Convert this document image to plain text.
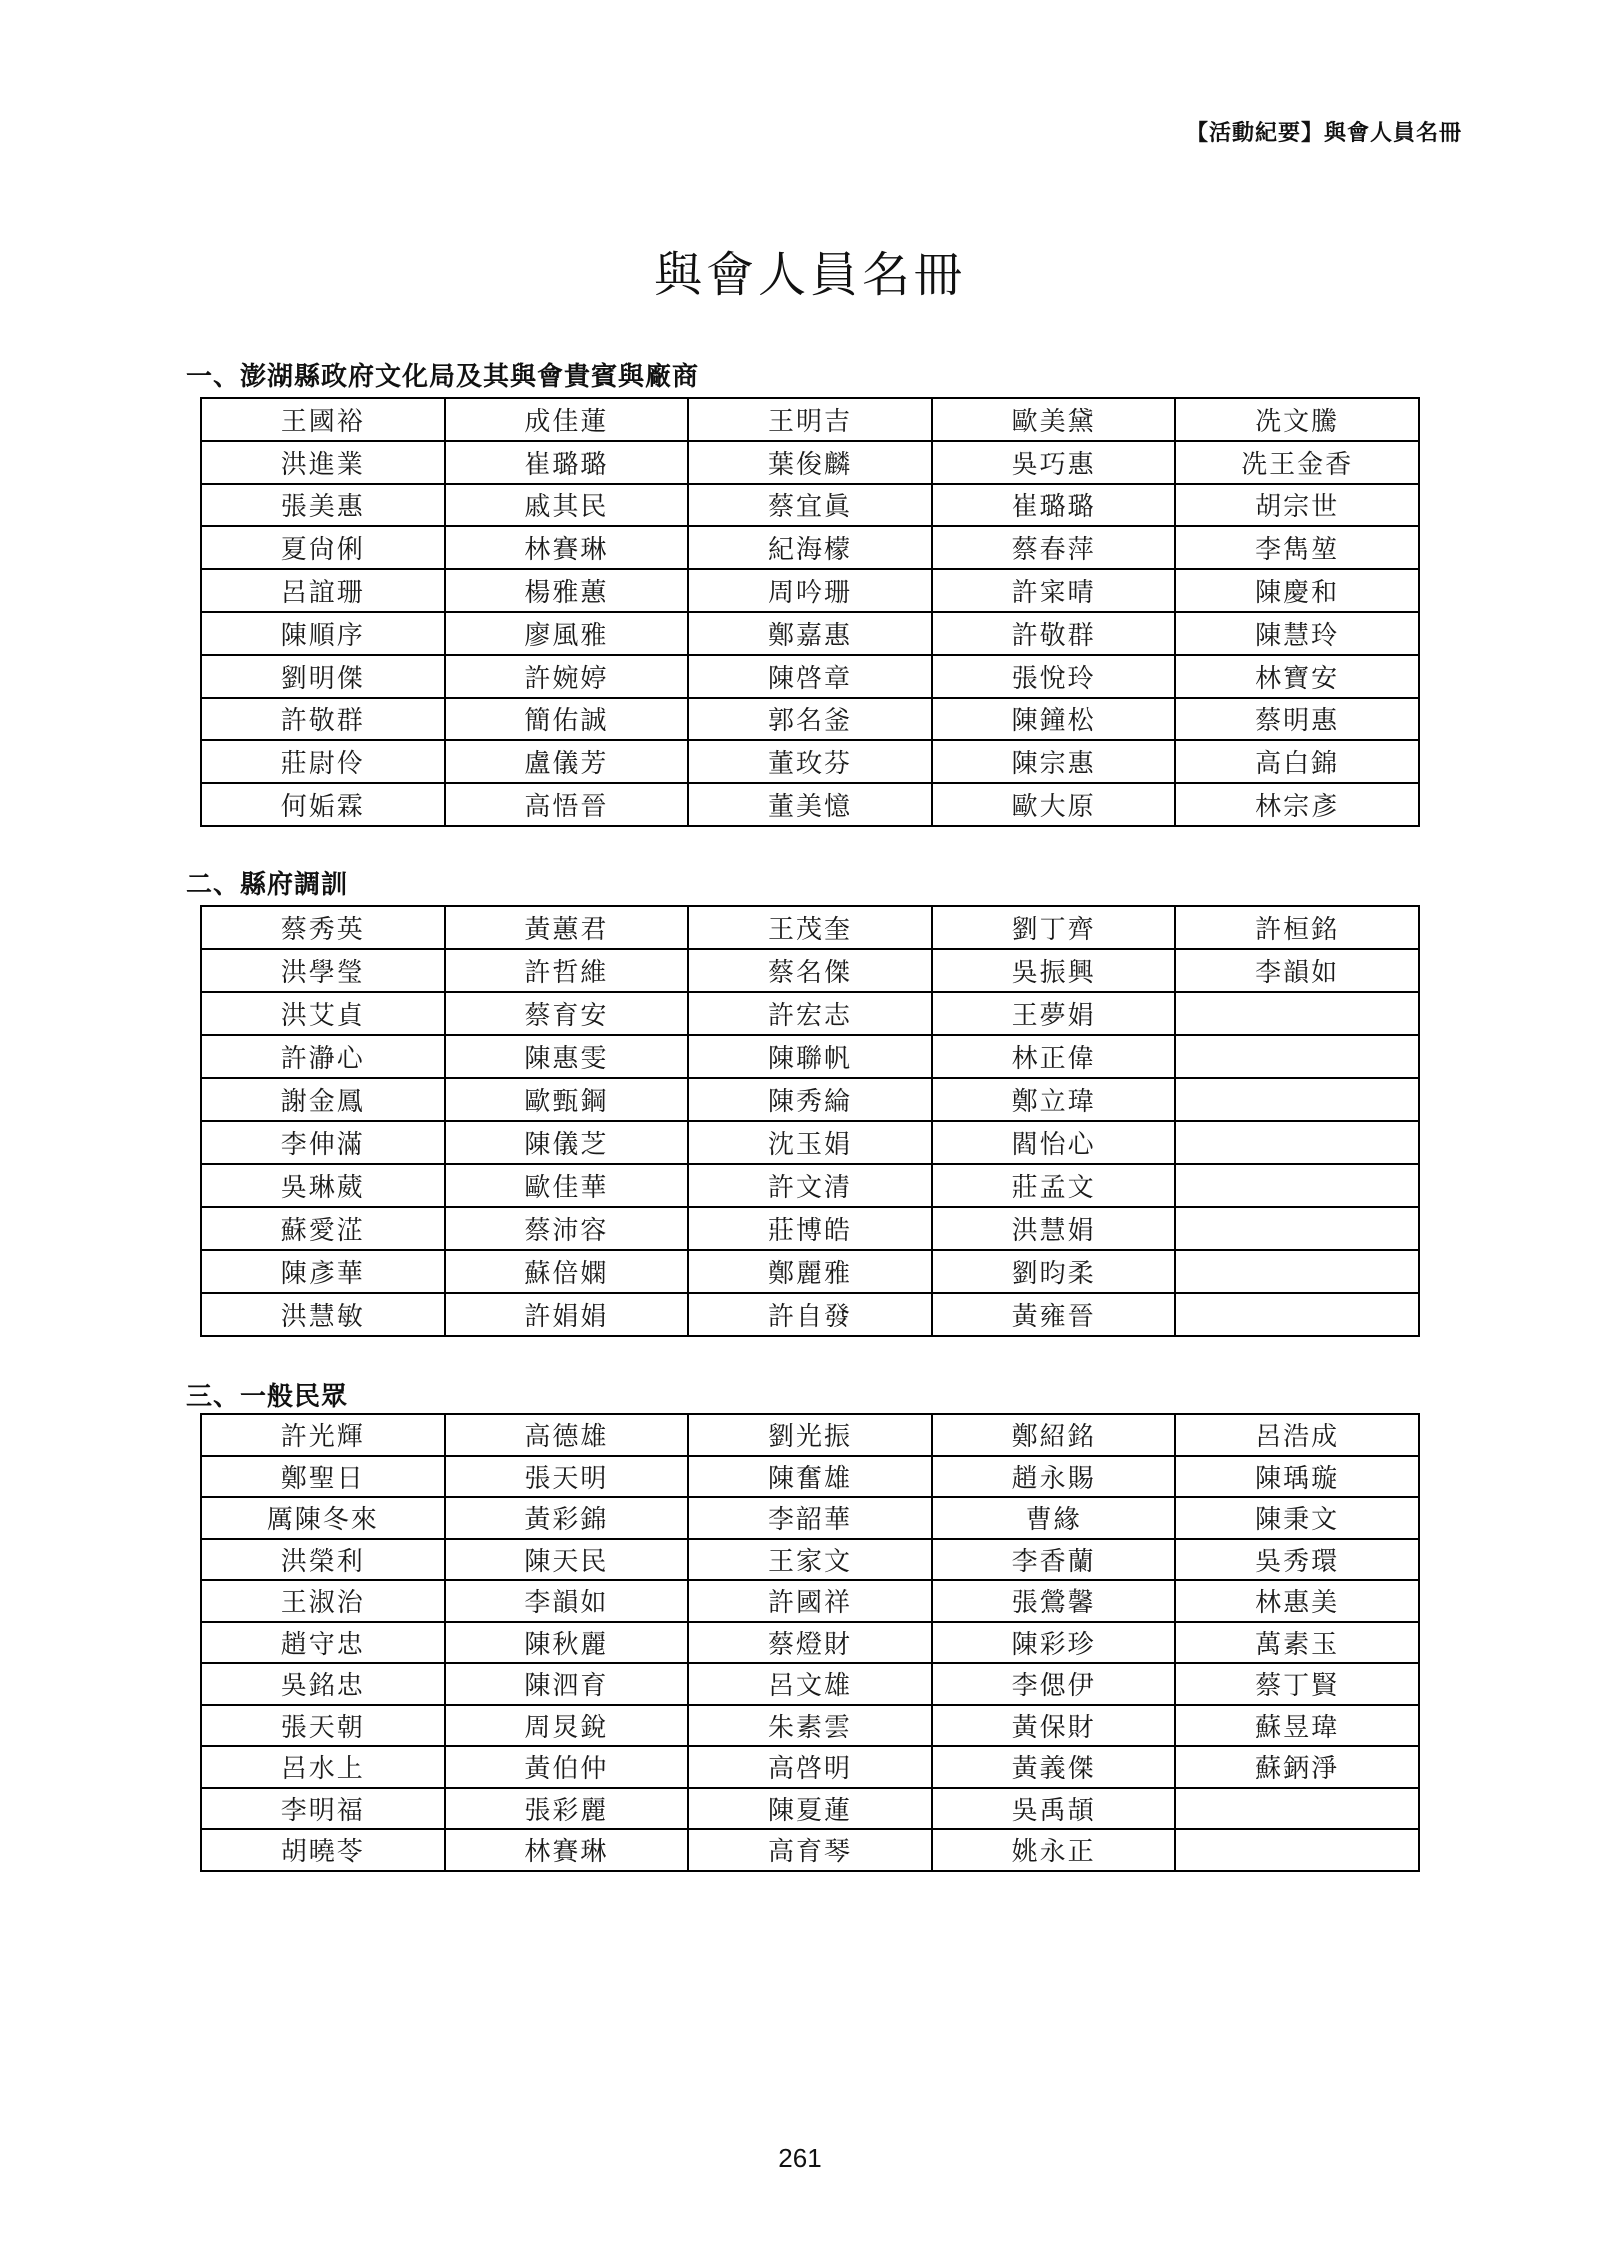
【活動紀要】與會人員名冊
與會人員名冊
一、澎湖縣政府文化局及其與會貴賓與廠商
王國裕	成佳蓮	王明吉	歐美黛	冼文騰
洪進業	崔璐璐	葉俊麟	吳巧惠	冼王金香
張美惠	戚其民	蔡宜眞	崔璐璐	胡宗世
夏尙俐	林賽琳	紀海檬	蔡春萍	李雋堃
呂誼珊	楊雅蕙	周吟珊	許寀晴	陳慶和
陳順序	廖風雅	鄭嘉惠	許敬群	陳慧玲
劉明傑	許婉婷	陳啓章	張悅玲	林寶安
許敬群	簡佑誠	郭名釜	陳鐘松	蔡明惠
莊尉伶	盧儀芳	董玫芬	陳宗惠	高白錦
何姤霖	高悟晉	董美憶	歐大原	林宗彥
二、縣府調訓
蔡秀英	黃蕙君	王茂奎	劉丁齊	許桓銘
洪學瑩	許哲維	蔡名傑	吳振興	李韻如
洪艾貞	蔡育安	許宏志	王夢娟	
許瀞心	陳惠雯	陳聯帆	林正偉	
謝金鳳	歐甄鋼	陳秀綸	鄭立瑋	
李伸滿	陳儀芝	沈玉娟	閻怡心	
吳琳葳	歐佳華	許文清	莊孟文	
蘇愛淽	蔡沛容	莊博皓	洪慧娟	
陳彥華	蘇倍嫻	鄭麗雅	劉昀柔	
洪慧敏	許娟娟	許自發	黃雍晉	
三、一般民眾
許光輝	高德雄	劉光振	鄭紹銘	呂浩成
鄭聖日	張天明	陳奮雄	趙永賜	陳瑀璇
厲陳冬來	黃彩錦	李韶華	曹緣	陳秉文
洪榮利	陳天民	王家文	李香蘭	吳秀環
王淑治	李韻如	許國祥	張鶯馨	林惠美
趙守忠	陳秋麗	蔡燈財	陳彩珍	萬素玉
吳銘忠	陳泗育	呂文雄	李偲伊	蔡丁賢
張天朝	周炅銳	朱素雲	黃保財	蘇昱瑋
呂水上	黃伯仲	高啓明	黃義傑	蘇鈵淨
李明福	張彩麗	陳夏蓮	吳禹頡	
胡曉苓	林賽琳	高育琴	姚永正	
261
